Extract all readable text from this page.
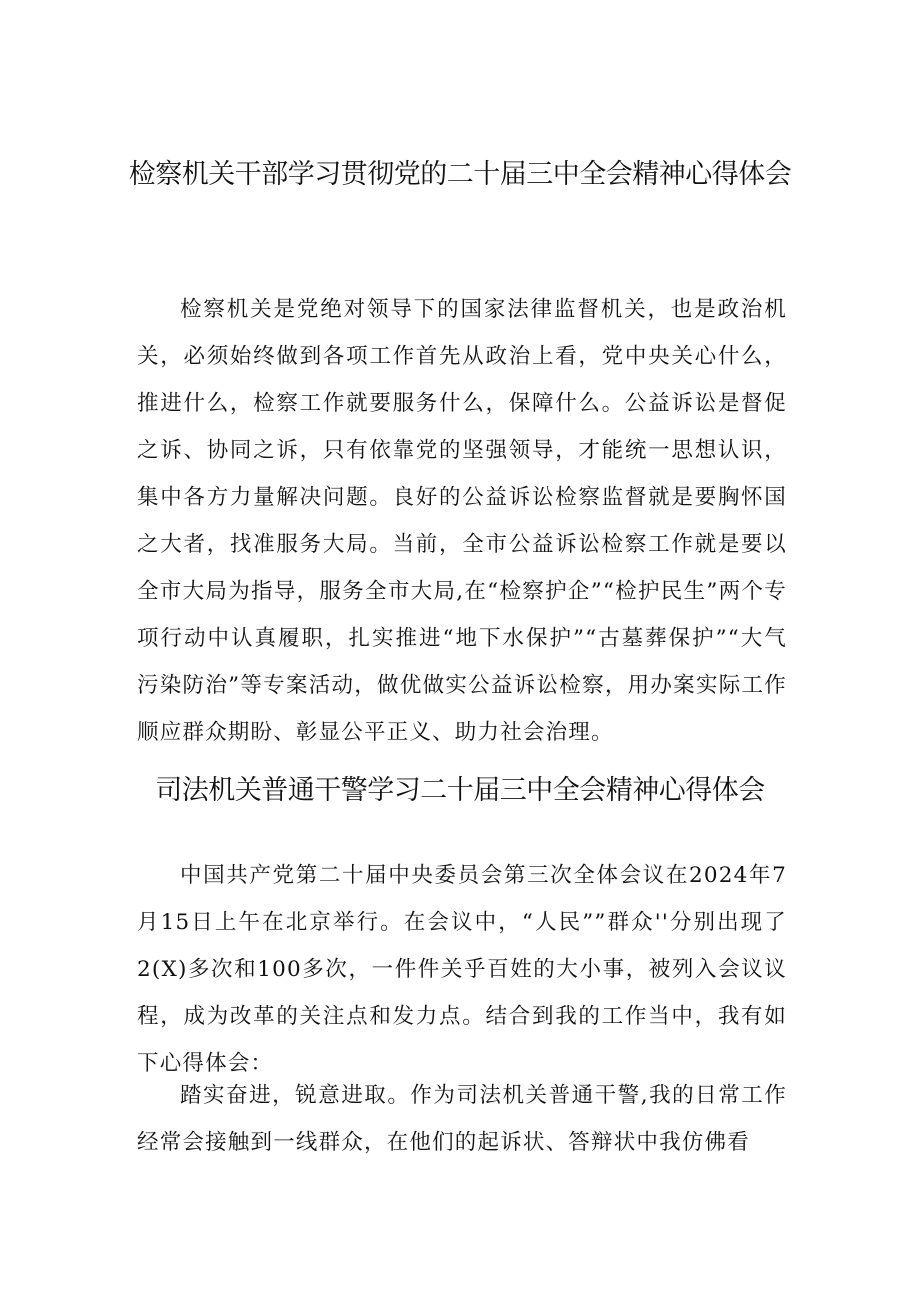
检察机关干部学习贯彻党的二十届三中全会精神心得体会

检察机关是党绝对领导下的国家法律监督机关，也是政治机关，必须始终做到各项工作首先从政治上看，党中央关心什么，推进什么，检察工作就要服务什么，保障什么。公益诉讼是督促之诉、协同之诉，只有依靠党的坚强领导，才能统一思想认识，集中各方力量解决问题。良好的公益诉讼检察监督就是要胸怀国之大者，找准服务大局。当前，全市公益诉讼检察工作就是要以全市大局为指导，服务全市大局,在“检察护企”“检护民生”两个专项行动中认真履职，扎实推进“地下水保护”“古墓葬保护”“大气污染防治”等专案活动，做优做实公益诉讼检察，用办案实际工作顺应群众期盼、彰显公平正义、助力社会治理。

司法机关普通干警学习二十届三中全会精神心得体会

中国共产党第二十届中央委员会第三次全体会议在2024年7月15日上午在北京举行。在会议中，“人民””群众''分别出现了2(X)多次和100多次，一件件关乎百姓的大小事，被列入会议议程，成为改革的关注点和发力点。结合到我的工作当中，我有如下心得体会：

踏实奋进，锐意进取。作为司法机关普通干警,我的日常工作经常会接触到一线群众，在他们的起诉状、答辩状中我仿佛看
